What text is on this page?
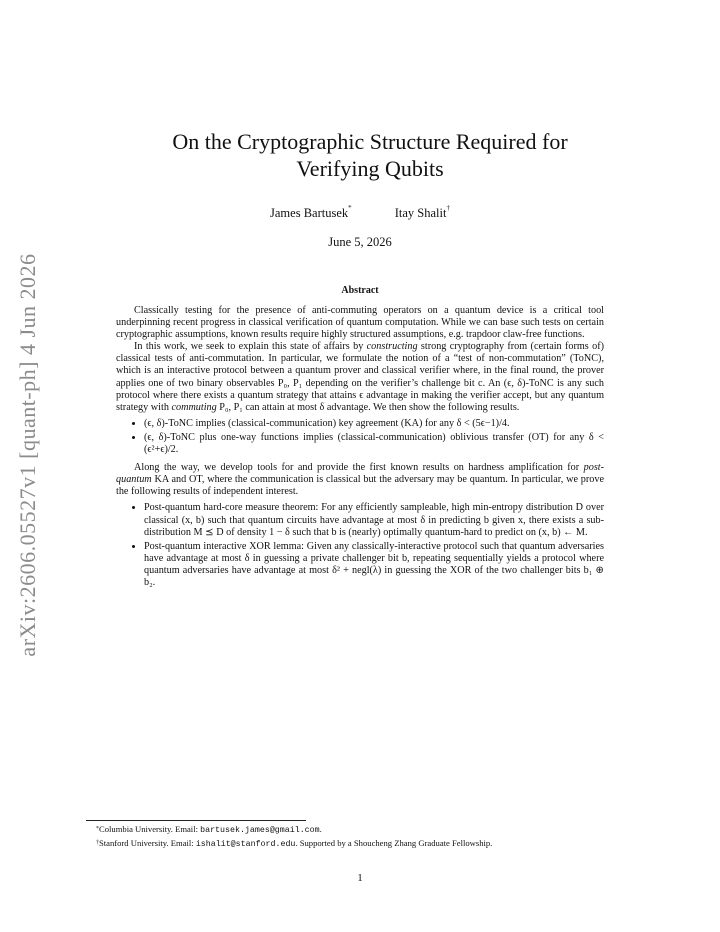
arXiv:2606.05527v1 [quant-ph] 4 Jun 2026
On the Cryptographic Structure Required for
Verifying Qubits
James Bartusek*	Itay Shalit†
June 5, 2026
Abstract

Classically testing for the presence of anti-commuting operators on a quantum device is a critical tool underpinning recent progress in classical verification of quantum computation. While we can base such tests on certain cryptographic assumptions, known results require highly structured assumptions, e.g. trapdoor claw-free functions.

In this work, we seek to explain this state of affairs by constructing strong cryptography from (certain forms of) classical tests of anti-commutation. In particular, we formulate the notion of a “test of non-commutation” (ToNC), which is an interactive protocol between a quantum prover and classical verifier where, in the final round, the prover applies one of two binary observables P₀, P₁ depending on the verifier’s challenge bit c. An (ϵ, δ)-ToNC is any such protocol where there exists a quantum strategy that attains ϵ advantage in making the verifier accept, but any quantum strategy with commuting P₀, P₁ can attain at most δ advantage. We then show the following results.

• (ϵ, δ)-ToNC implies (classical-communication) key agreement (KA) for any δ < (5ϵ−1)/4.
• (ϵ, δ)-ToNC plus one-way functions implies (classical-communication) oblivious transfer (OT) for any δ < (ϵ²+ϵ)/2.

Along the way, we develop tools for and provide the first known results on hardness amplification for post-quantum KA and OT, where the communication is classical but the adversary may be quantum. In particular, we prove the following results of independent interest.

• Post-quantum hard-core measure theorem: For any efficiently sampleable, high min-entropy distribution D over classical (x, b) such that quantum circuits have advantage at most δ in predicting b given x, there exists a sub-distribution M ⪯ D of density 1 − δ such that b is (nearly) optimally quantum-hard to predict on (x, b) ← M.
• Post-quantum interactive XOR lemma: Given any classically-interactive protocol such that quantum adversaries have advantage at most δ in guessing a private challenger bit b, repeating sequentially yields a protocol where quantum adversaries have advantage at most δ² + negl(λ) in guessing the XOR of the two challenger bits b₁ ⊕ b₂.
*Columbia University. Email: bartusek.james@gmail.com.
†Stanford University. Email: ishalit@stanford.edu. Supported by a Shoucheng Zhang Graduate Fellowship.
1
